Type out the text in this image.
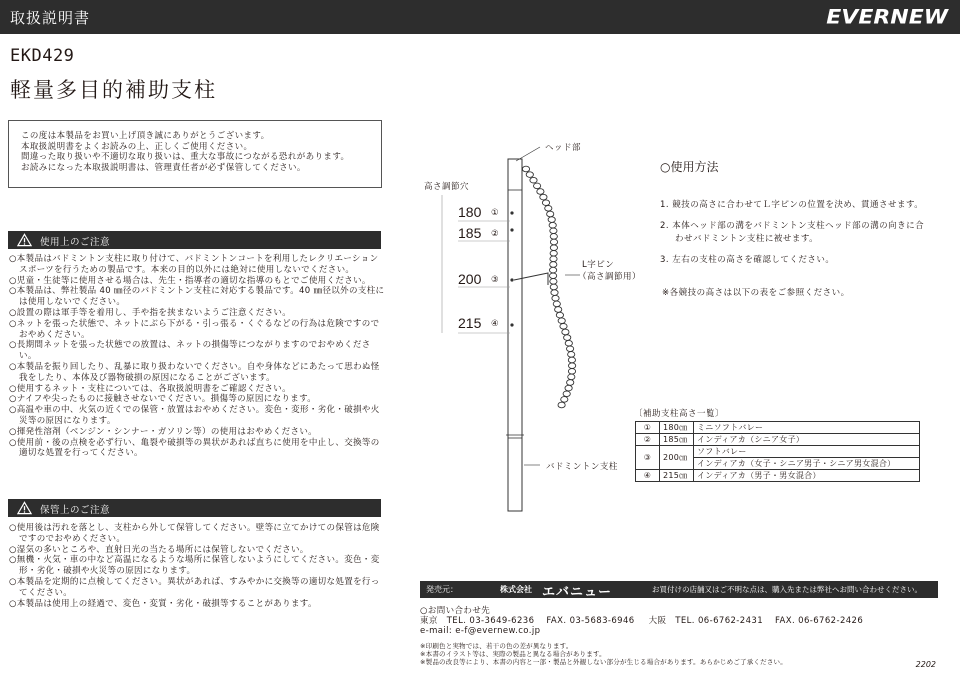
取扱説明書	EVERNEW
EKD429
軽量多目的補助支柱
この度は本製品をお買い上げ頂き誠にありがとうございます。
本取扱説明書をよくお読みの上、正しくご使用ください。
間違った取り扱いや不適切な取り扱いは、重大な事故につながる恐れがあります。
お読みになった本取扱説明書は、管理責任者が必ず保管してください。
使用上のご注意

○本製品はバドミントン支柱に取り付けて、バドミントンコートを利用したレクリエーションスポーツを行うための製品です。本来の目的以外には絶対に使用しないでください。

○児童・生徒等に使用させる場合は、先生・指導者の適切な指導のもとでご使用ください。

○本製品は、弊社製品 40 ㎜径のバドミントン支柱に対応する製品です。40 ㎜径以外の支柱には使用しないでください。

○設置の際は軍手等を着用し、手や指を挟まないようご注意ください。

○ネットを張った状態で、ネットにぶら下がる・引っ張る・くぐるなどの行為は危険ですのでおやめください。

○長期間ネットを張った状態での放置は、ネットの損傷等につながりますのでおやめください。

○本製品を振り回したり、乱暴に取り扱わないでください。自や身体などにあたって思わぬ怪我をしたり、本体及び器物破損の原因になることがございます。

○使用するネット・支柱については、各取扱説明書をご確認ください。

○ナイフや尖ったものに接触させないでください。損傷等の原因になります。

○高温や車の中、火気の近くでの保管・放置はおやめください。変色・変形・劣化・破損や火災等の原因になります。

○揮発性溶剤（ベンジン・シンナー・ガソリン等）の使用はおやめください。

○使用前・後の点検を必ず行い、亀裂や破損等の異状があれば直ちに使用を中止し、交換等の適切な処置を行ってください。

保管上のご注意

○使用後は汚れを落とし、支柱から外して保管してください。壁等に立てかけての保管は危険ですのでおやめください。

○湿気の多いところや、直射日光の当たる場所には保管しないでください。

○無機・火気・車の中など高温になるような場所に保管しないようにしてください。変色・変形・劣化・破損や火災等の原因になります。

○本製品を定期的に点検してください。異状があれば、すみやかに交換等の適切な処置を行ってください。

○本製品は使用上の経過で、変色・変質・劣化・破損等することがあります。

ヘッド部
高さ調節穴
L字ピン
（高さ調節用）
バドミントン支柱
180 ①
185 ②
200 ③
215 ④
○使用方法

1. 競技の高さに合わせてＬ字ピンの位置を決め、貫通させます。

2. 本体ヘッド部の溝をバドミントン支柱ヘッド部の溝の向きに合

わせバドミントン支柱に被せます。

3. 左右の支柱の高さを確認してください。

※各競技の高さは以下の表をご参照ください。

〔補助支柱高さ一覧〕
①	180㎝	ミニソフトバレー
②	185㎝	インディアカ（シニア女子）
③	200㎝	ソフトバレー
		インディアカ（女子・シニア男子・シニア男女混合）
④	215㎝	インディアカ（男子・男女混合）
発売元：	株式会社 エバニュー	お買付けの店舗又はご不明な点は、購入先または弊社へお問い合わせください。
○お問い合わせ先
東京　TEL. 03-3649-6236　 FAX. 03-5683-6946 大阪　TEL. 06-6762-2431　 FAX. 06-6762-2426
e-mail: e-f@evernew.co.jp
※印刷色と実物では、若干の色の差が異なります。
※本書のイラスト等は、実際の製品と異なる場合があります。
※製品の改良等により、本書の内容と一部・製品と外観しない部分が生じる場合があります。あらかじめご了承ください。	2202
